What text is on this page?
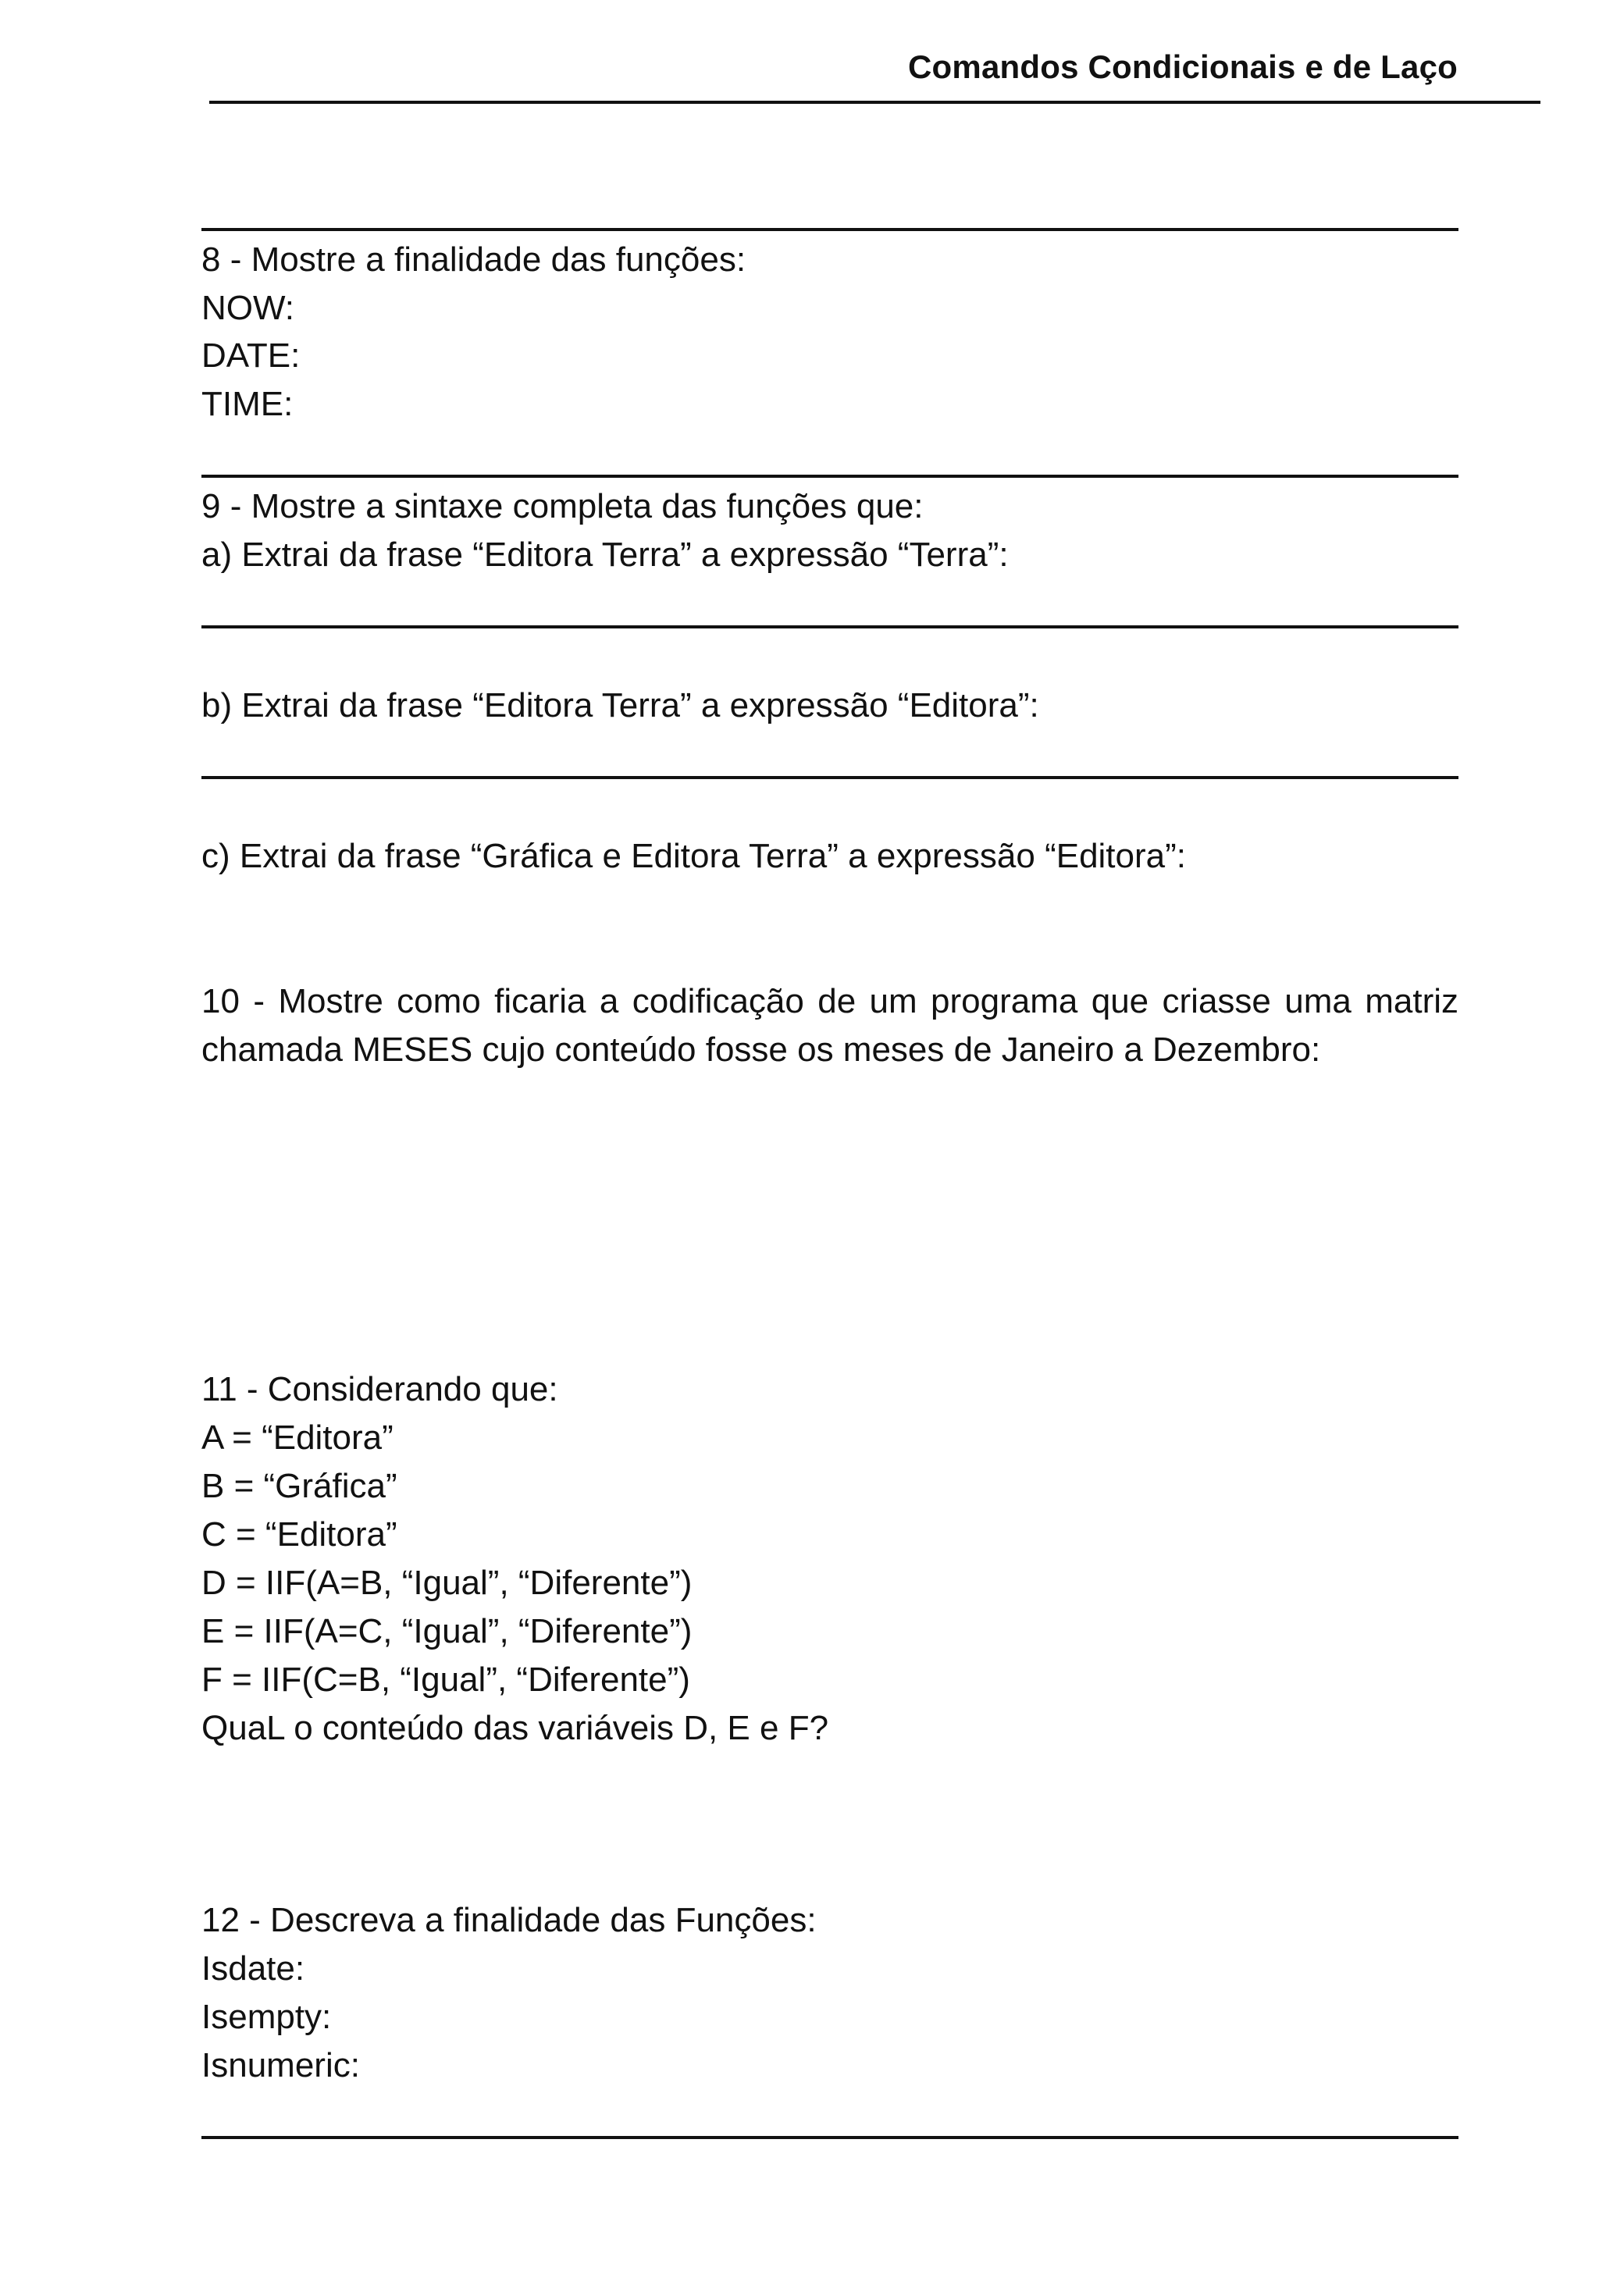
Comandos Condicionais e de Laço
8 - Mostre a finalidade das funções:
NOW:
DATE:
TIME:
9 - Mostre a sintaxe completa das funções que:
a) Extrai da frase “Editora Terra” a expressão “Terra”:
b) Extrai da frase “Editora Terra” a expressão “Editora”:
c) Extrai da frase “Gráfica e Editora Terra” a expressão “Editora”:
10 - Mostre como ficaria a codificação de um programa que criasse uma matriz chamada MESES cujo conteúdo fosse os meses de Janeiro a Dezembro:
11 - Considerando que:
A = “Editora”
B = “Gráfica”
C = “Editora”
D = IIF(A=B, “Igual”, “Diferente”)
E = IIF(A=C, “Igual”, “Diferente”)
F = IIF(C=B, “Igual”, “Diferente”)
QuaL o conteúdo das variáveis D, E e F?
12 - Descreva a finalidade das Funções:
Isdate:
Isempty:
Isnumeric:
